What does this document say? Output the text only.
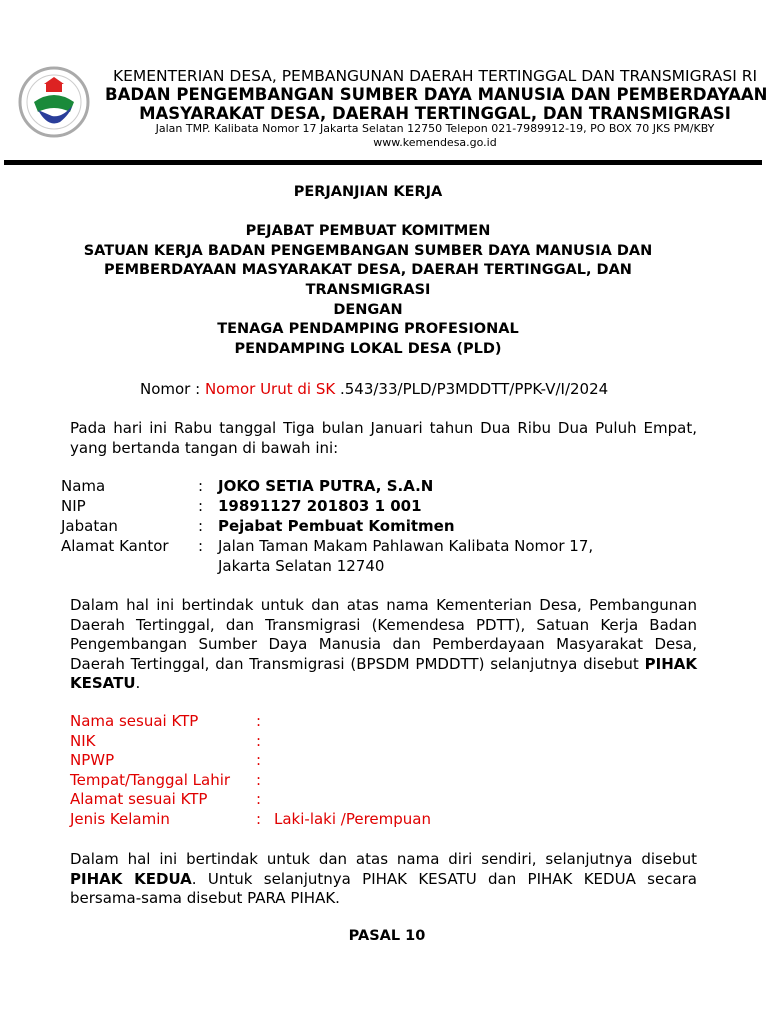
KEMENTERIAN DESA, PEMBANGUNAN DAERAH TERTINGGAL DAN TRANSMIGRASI RI
BADAN PENGEMBANGAN SUMBER DAYA MANUSIA DAN PEMBERDAYAAN
MASYARAKAT DESA, DAERAH TERTINGGAL, DAN TRANSMIGRASI
Jalan TMP. Kalibata Nomor 17 Jakarta Selatan 12750 Telepon 021-7989912-19, PO BOX 70 JKS PM/KBY
www.kemendesa.go.id
PERJANJIAN KERJA
PEJABAT PEMBUAT KOMITMEN
SATUAN KERJA BADAN PENGEMBANGAN SUMBER DAYA MANUSIA DAN
PEMBERDAYAAN MASYARAKAT DESA, DAERAH TERTINGGAL, DAN
TRANSMIGRASI
DENGAN
TENAGA PENDAMPING PROFESIONAL
PENDAMPING LOKAL DESA (PLD)
Nomor : Nomor Urut di SK .543/33/PLD/P3MDDTT/PPK-V/I/2024
Pada hari ini Rabu tanggal Tiga bulan Januari tahun Dua Ribu Dua Puluh Empat, yang bertanda tangan di bawah ini:
Nama
NIP
Jabatan
Alamat Kantor
:
:
:
:
JOKO SETIA PUTRA, S.A.N
19891127 201803 1 001
Pejabat Pembuat Komitmen
Jalan Taman Makam Pahlawan Kalibata Nomor 17,
Jakarta Selatan 12740
Dalam hal ini bertindak untuk dan atas nama Kementerian Desa, Pembangunan Daerah Tertinggal, dan Transmigrasi (Kemendesa PDTT), Satuan Kerja Badan Pengembangan Sumber Daya Manusia dan Pemberdayaan Masyarakat Desa, Daerah Tertinggal, dan Transmigrasi (BPSDM PMDDTT) selanjutnya disebut PIHAK KESATU.
Nama sesuai KTP
NIK
NPWP
Tempat/Tanggal Lahir
Alamat sesuai KTP
Jenis Kelamin
:
:
:
:
:
: Laki-laki /Perempuan
Dalam hal ini bertindak untuk dan atas nama diri sendiri, selanjutnya disebut PIHAK KEDUA. Untuk selanjutnya PIHAK KESATU dan PIHAK KEDUA secara bersama-sama disebut PARA PIHAK.
PASAL 10
